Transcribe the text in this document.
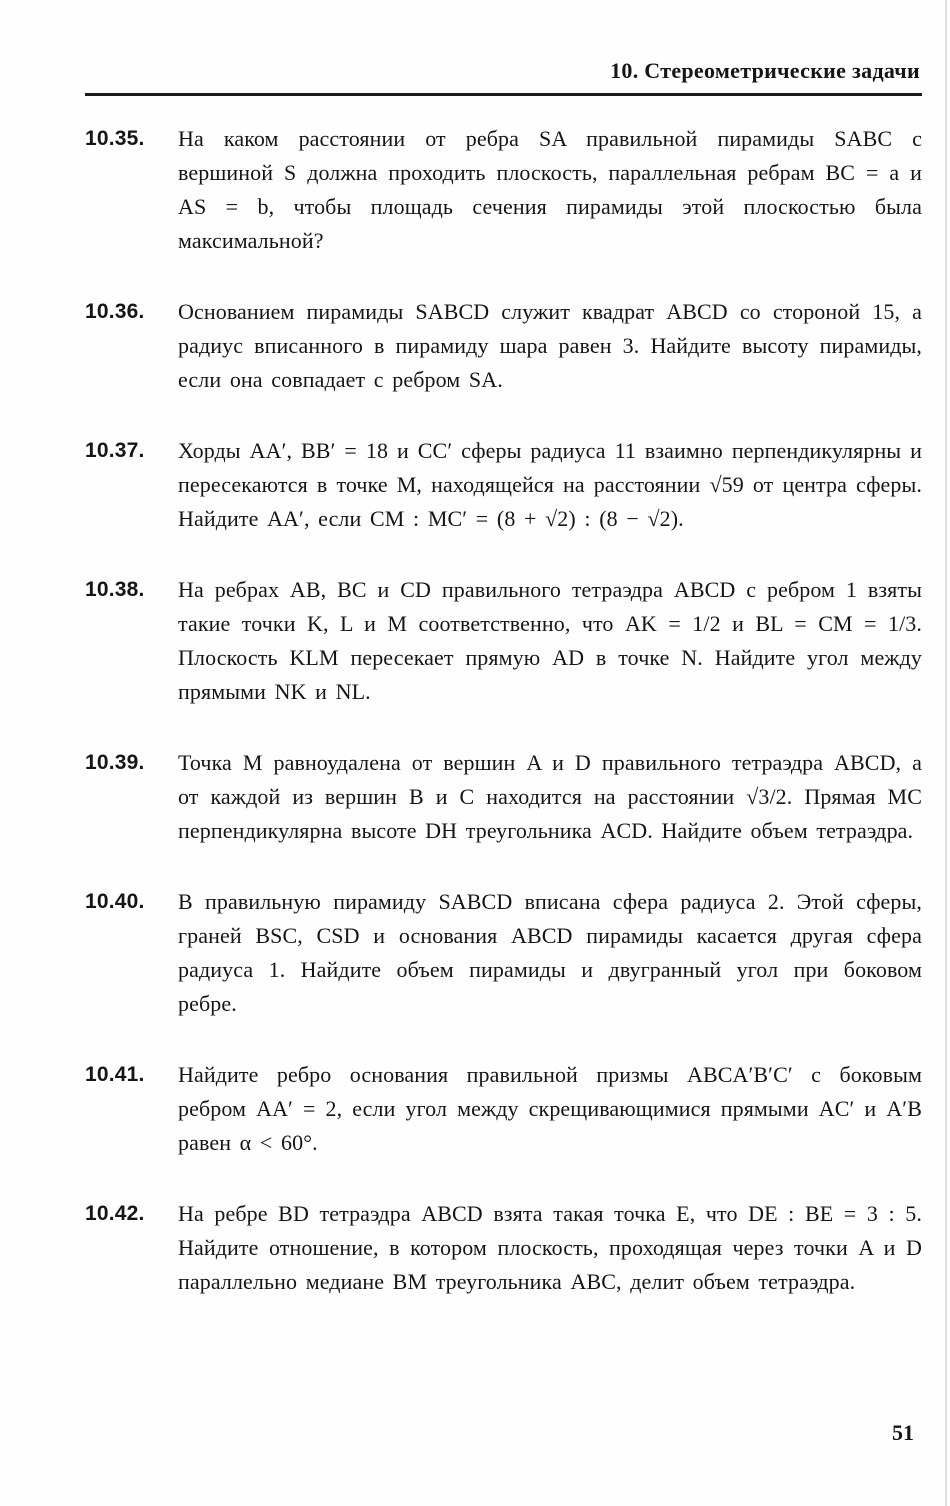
10. Стереометрические задачи
10.35.	На каком расстоянии от ребра SA правильной пирамиды SABC с вершиной S должна проходить плоскость, параллельная ребрам BC = a и AS = b, чтобы площадь сечения пирамиды этой плоскостью была максимальной?

10.36.	Основанием пирамиды SABCD служит квадрат ABCD со стороной 15, а радиус вписанного в пирамиду шара равен 3. Найдите высоту пирамиды, если она совпадает с ребром SA.

10.37.	Хорды AA′, BB′ = 18 и CC′ сферы радиуса 11 взаимно перпендикулярны и пересекаются в точке M, находящейся на расстоянии √59 от центра сферы. Найдите AA′, если CM : MC′ = (8 + √2) : (8 − √2).

10.38.	На ребрах AB, BC и CD правильного тетраэдра ABCD с ребром 1 взяты такие точки K, L и M соответственно, что AK = 1/2 и BL = CM = 1/3. Плоскость KLM пересекает прямую AD в точке N. Найдите угол между прямыми NK и NL.

10.39.	Точка M равноудалена от вершин A и D правильного тетраэдра ABCD, а от каждой из вершин B и C находится на расстоянии √3/2. Прямая MC перпендикулярна высоте DH треугольника ACD. Найдите объем тетраэдра.

10.40.	В правильную пирамиду SABCD вписана сфера радиуса 2. Этой сферы, граней BSC, CSD и основания ABCD пирамиды касается другая сфера радиуса 1. Найдите объем пирамиды и двугранный угол при боковом ребре.

10.41.	Найдите ребро основания правильной призмы ABCA′B′C′ с боковым ребром AA′ = 2, если угол между скрещивающимися прямыми AC′ и A′B равен α < 60°.

10.42.	На ребре BD тетраэдра ABCD взята такая точка E, что DE : BE = 3 : 5. Найдите отношение, в котором плоскость, проходящая через точки A и D параллельно медиане BM треугольника ABC, делит объем тетраэдра.

51
